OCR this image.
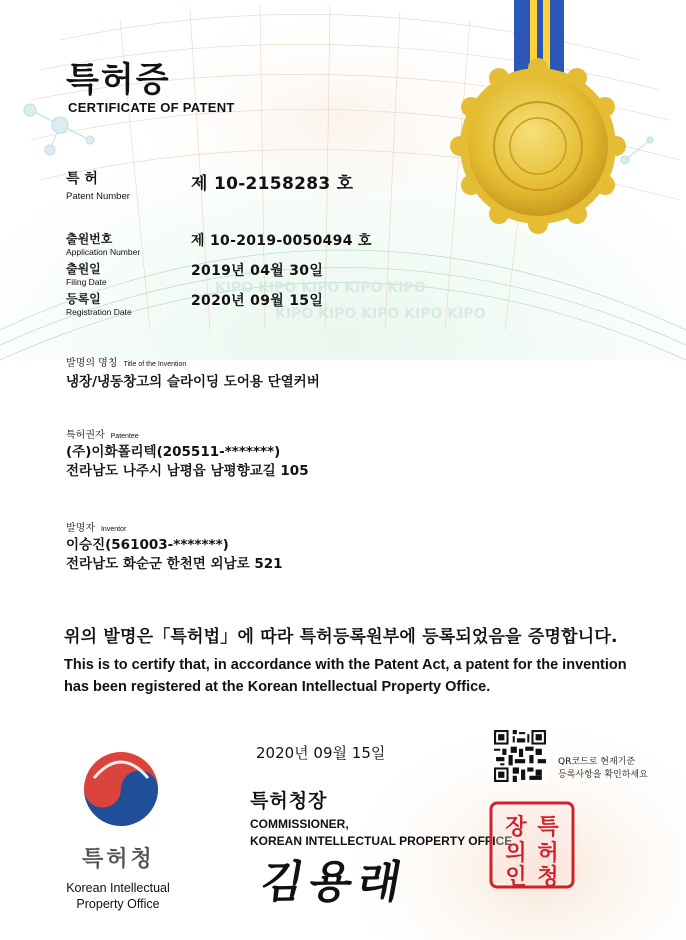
KIPO KIPO KIPO KIPO KIPO
KIPO KIPO KIPO KIPO KIPO
특허증
CERTIFICATE OF PATENT
특 허
Patent Number
제 10-2158283 호
출원번호
Application Number
제 10-2019-0050494 호
출원일
Filing Date
2019년 04월 30일
등록일
Registration Date
2020년 09월 15일
발명의 명칭 Title of the Invention
냉장/냉동창고의 슬라이딩 도어용 단열커버
특허권자 Patentee
(주)이화폴리텍(205511-*******)
전라남도 나주시 남평읍 남평향교길 105
발명자 Inventor
이승진(561003-*******)
전라남도 화순군 한천면 외남로 521
위의 발명은「특허법」에 따라 특허등록원부에 등록되었음을 증명합니다.
This is to certify that, in accordance with the Patent Act, a patent for the invention has been registered at the Korean Intellectual Property Office.
2020년 09월 15일	QR코드로 현재기준
등록사항을 확인하세요
특허청장
COMMISSIONER,
KOREAN INTELLECTUAL PROPERTY OFFICE
김용래
특
허
청
장
의
인
특허청
Korean Intellectual
Property Office
